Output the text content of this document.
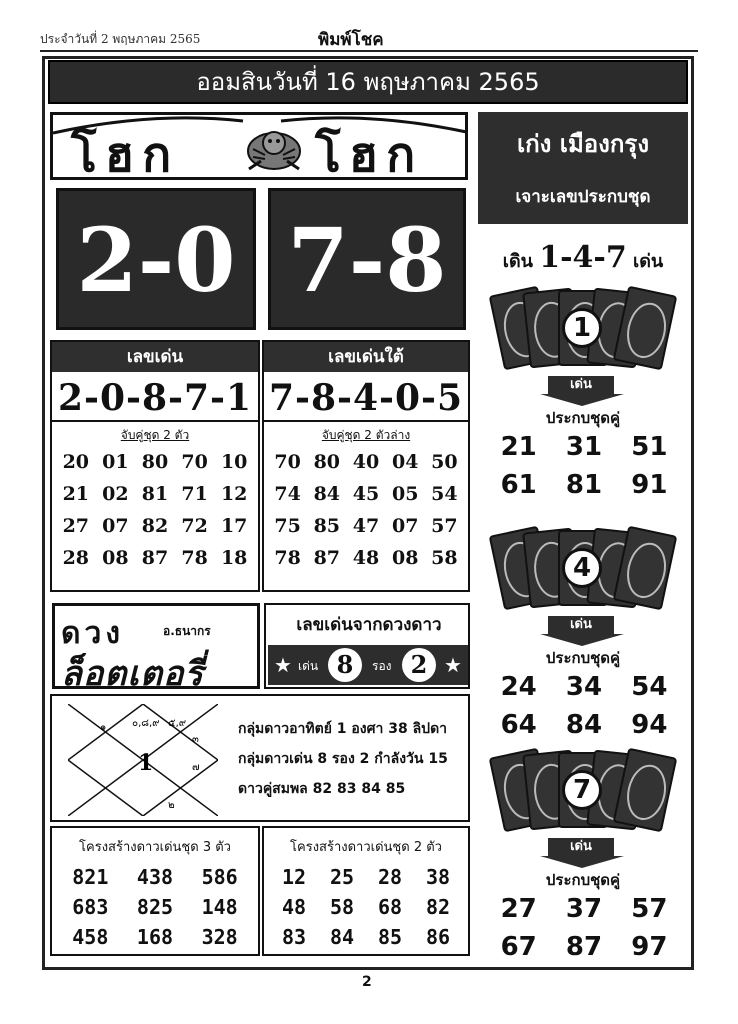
ประจำวันที่ 2 พฤษภาคม 2565	พิมพ์โชค
ออมสินวันที่ 16 พฤษภาคม 2565
โฮก	โฮก
2-0 7-8
เลขเด่น
2-0-8-7-1
จับคู่ชุด 2 ตัว
20 01 80 70 10
21 02 81 71 12
27 07 82 72 17
28 08 87 78 18
เลขเด่นใต้
7-8-4-0-5
จับคู่ชุด 2 ตัวล่าง
70 80 40 04 50
74 84 45 05 54
75 85 47 07 57
78 87 48 08 58
ดวง	อ.ธนากร
ล็อตเตอรี่
เลขเด่นจากดวงดาว
★ เด่น 8	รอง 2 ★
1
๑	๐,๘,๙ ๕,๙
๓
๗
๒
กลุ่มดาวอาทิตย์ 1 องศา 38 ลิปดา
กลุ่มดาวเด่น 8 รอง 2 กำลังวัน 15
ดาวคู่สมพล 82 83 84 85
โครงสร้างดาวเด่นชุด 3 ตัว
821	438	586
683	825	148
458	168	328
โครงสร้างดาวเด่นชุด 2 ตัว
12	25	28	38
48	58	68	82
83	84	85	86
เก่ง เมืองกรุง
เจาะเลขประกบชุด
เดิน 1-4-7 เด่น
1
เด่น
ประกบชุดคู่
21	31	51
61	81	91
4
เด่น
ประกบชุดคู่
24	34	54
64	84	94
7
เด่น
ประกบชุดคู่
27	37	57
67	87	97
2
